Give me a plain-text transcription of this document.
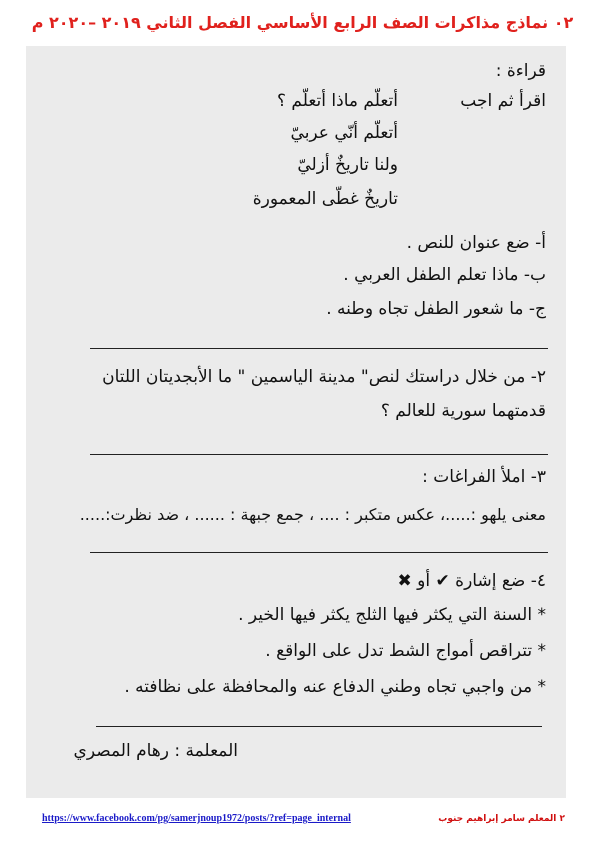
٠٢ نماذج مذاكرات الصف الرابع الأساسي الفصل الثاني ٢٠١٩ –٢٠٢٠ م
قراءة :
اقرأ ثم اجب
أتعلّم ماذا أتعلّم ؟
أتعلّم أنّي عربيّ
ولنا تاريخٌ أزليّ
تاريخٌ غطّى المعمورة
أ- ضع عنوان للنص .
ب- ماذا تعلم الطفل العربي .
ج- ما شعور الطفل تجاه وطنه .
٢- من خلال دراستك لنص" مدينة الياسمين " ما الأبجديتان اللتان
قدمتهما سورية للعالم ؟
٣- املأ الفراغات :
معنى يلهو :.....، عكس متكبر : .... ، جمع جبهة : ...... ، ضد نظرت:.....
٤- ضع إشارة ✔ أو ✖
* السنة التي يكثر فيها الثلج يكثر فيها الخير .
* تتراقص أمواج الشط تدل على الواقع .
* من واجبي تجاه وطني الدفاع عنه والمحافظة على نظافته .
المعلمة : رهام المصري
٢ المعلم سامر إبراهيم جنوب
https://www.facebook.com/pg/samerjnoup1972/posts/?ref=page_internal
